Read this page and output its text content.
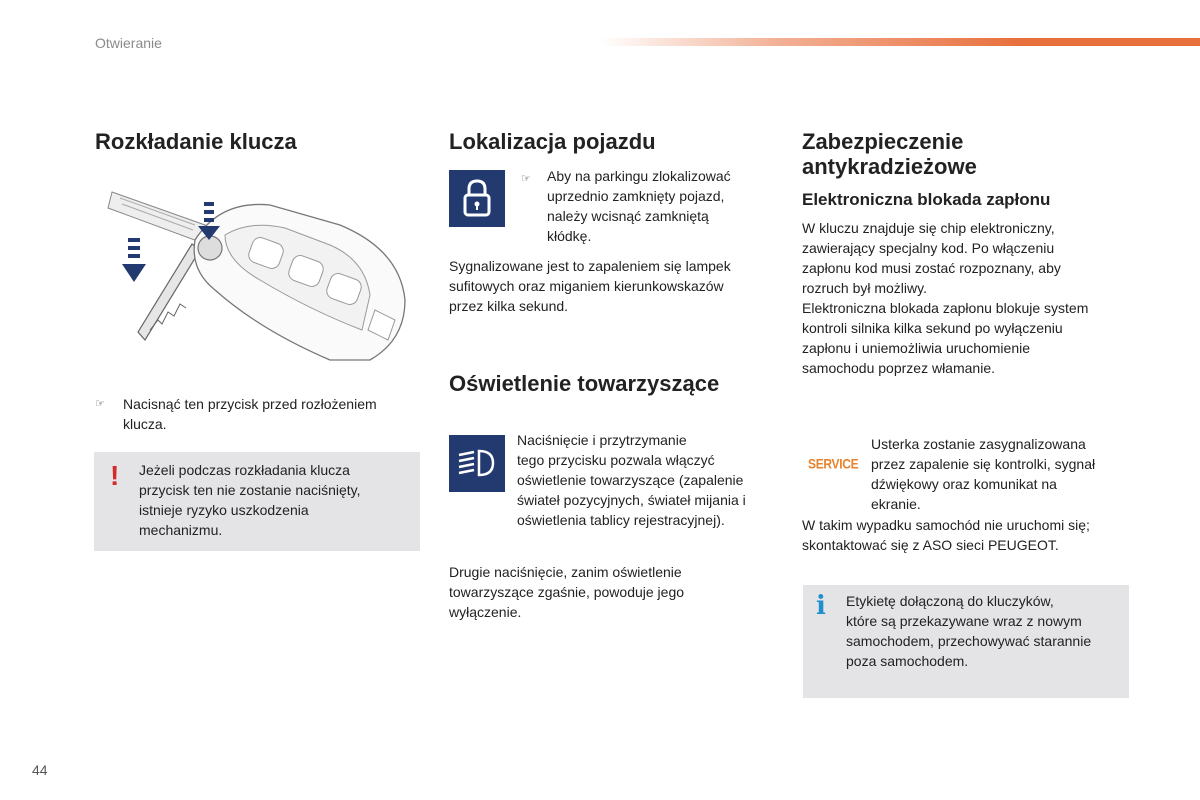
Otwieranie
Rozkładanie klucza
☞ Nacisnąć ten przycisk przed rozłożeniem

klucza.

! Jeżeli podczas rozkładania klucza

przycisk ten nie zostanie naciśnięty,

istnieje ryzyko uszkodzenia

mechanizmu.

Lokalizacja pojazdu
☞ Aby na parkingu zlokalizować

uprzednio zamknięty pojazd,

należy wcisnąć zamkniętą

kłódkę.

Sygnalizowane jest to zapaleniem się lampek

sufitowych oraz miganiem kierunkowskazów

przez kilka sekund.

Oświetlenie towarzyszące

Naciśnięcie i przytrzymanie

tego przycisku pozwala włączyć

oświetlenie towarzyszące (zapalenie

świateł pozycyjnych, świateł mijania i

oświetlenia tablicy rejestracyjnej).

Drugie naciśnięcie, zanim oświetlenie

towarzyszące zgaśnie, powoduje jego

wyłączenie.

Zabezpieczenie
antykradzieżowe
Elektroniczna blokada zapłonu

W kluczu znajduje się chip elektroniczny,

zawierający specjalny kod. Po włączeniu

zapłonu kod musi zostać rozpoznany, aby

rozruch był możliwy.

Elektroniczna blokada zapłonu blokuje system

kontroli silnika kilka sekund po wyłączeniu

zapłonu i uniemożliwia uruchomienie

samochodu poprzez włamanie.

SERVICE

Usterka zostanie zasygnalizowana

przez zapalenie się kontrolki, sygnał

dźwiękowy oraz komunikat na

ekranie.

W takim wypadku samochód nie uruchomi się;

skontaktować się z ASO sieci PEUGEOT.

i Etykietę dołączoną do kluczyków,

które są przekazywane wraz z nowym

samochodem, przechowywać starannie

poza samochodem.

44
